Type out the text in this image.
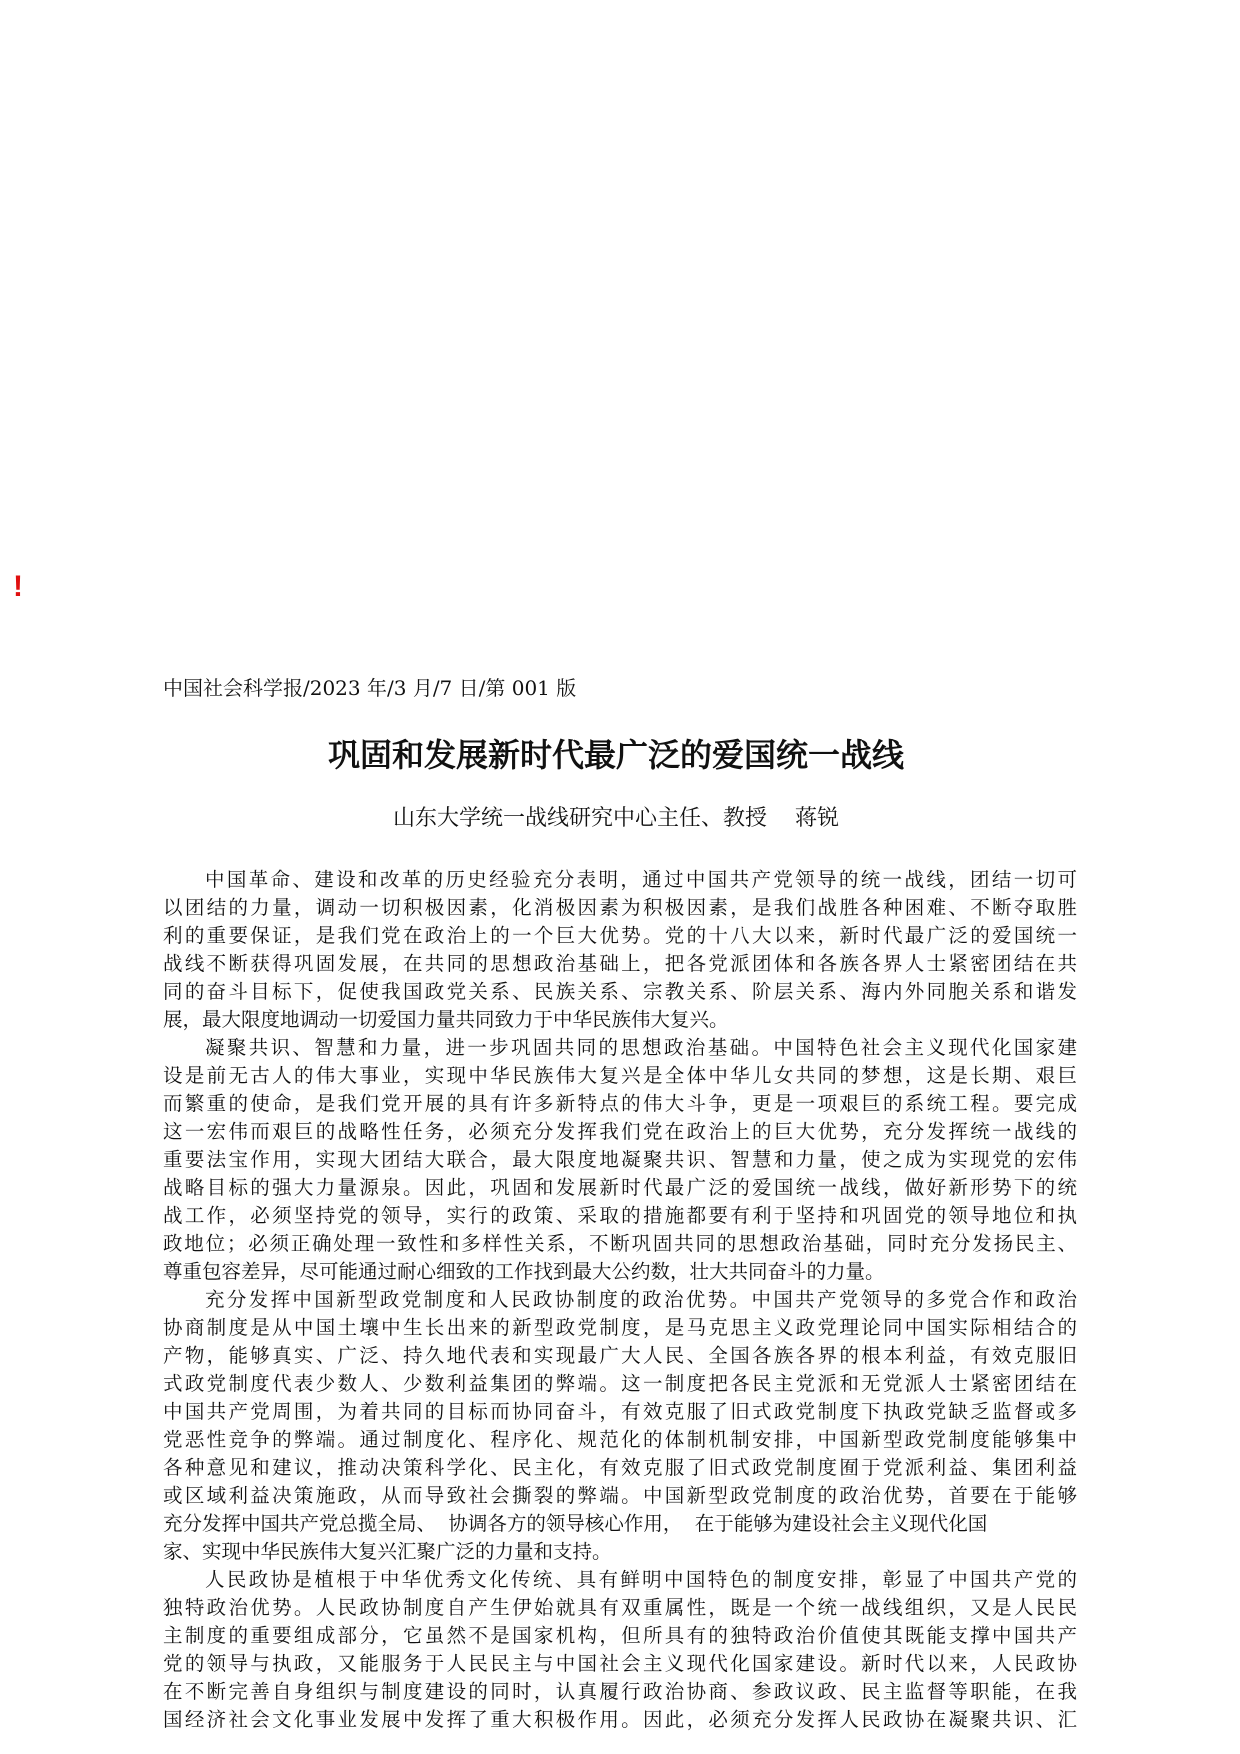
!
中国社会科学报/2023 年/3 月/7 日/第 001 版
巩固和发展新时代最广泛的爱国统一战线
山东大学统一战线研究中心主任、教授    蒋锐

中国革命、建设和改革的历史经验充分表明，通过中国共产党领导的统一战线，团结一切可
以团结的力量，调动一切积极因素，化消极因素为积极因素，是我们战胜各种困难、不断夺取胜
利的重要保证，是我们党在政治上的一个巨大优势。党的十八大以来，新时代最广泛的爱国统一
战线不断获得巩固发展，在共同的思想政治基础上，把各党派团体和各族各界人士紧密团结在共
同的奋斗目标下，促使我国政党关系、民族关系、宗教关系、阶层关系、海内外同胞关系和谐发
展，最大限度地调动一切爱国力量共同致力于中华民族伟大复兴。

凝聚共识、智慧和力量，进一步巩固共同的思想政治基础。中国特色社会主义现代化国家建
设是前无古人的伟大事业，实现中华民族伟大复兴是全体中华儿女共同的梦想，这是长期、艰巨
而繁重的使命，是我们党开展的具有许多新特点的伟大斗争，更是一项艰巨的系统工程。要完成
这一宏伟而艰巨的战略性任务，必须充分发挥我们党在政治上的巨大优势，充分发挥统一战线的
重要法宝作用，实现大团结大联合，最大限度地凝聚共识、智慧和力量，使之成为实现党的宏伟
战略目标的强大力量源泉。因此，巩固和发展新时代最广泛的爱国统一战线，做好新形势下的统
战工作，必须坚持党的领导，实行的政策、采取的措施都要有利于坚持和巩固党的领导地位和执
政地位；必须正确处理一致性和多样性关系，不断巩固共同的思想政治基础，同时充分发扬民主、
尊重包容差异，尽可能通过耐心细致的工作找到最大公约数，壮大共同奋斗的力量。

充分发挥中国新型政党制度和人民政协制度的政治优势。中国共产党领导的多党合作和政治
协商制度是从中国土壤中生长出来的新型政党制度，是马克思主义政党理论同中国实际相结合的
产物，能够真实、广泛、持久地代表和实现最广大人民、全国各族各界的根本利益，有效克服旧
式政党制度代表少数人、少数利益集团的弊端。这一制度把各民主党派和无党派人士紧密团结在
中国共产党周围，为着共同的目标而协同奋斗，有效克服了旧式政党制度下执政党缺乏监督或多
党恶性竞争的弊端。通过制度化、程序化、规范化的体制机制安排，中国新型政党制度能够集中
各种意见和建议，推动决策科学化、民主化，有效克服了旧式政党制度囿于党派利益、集团利益
或区域利益决策施政，从而导致社会撕裂的弊端。中国新型政党制度的政治优势，首要在于能够
充分发挥中国共产党总揽全局、  协调各方的领导核心作用，  在于能够为建设社会主义现代化国
家、实现中华民族伟大复兴汇聚广泛的力量和支持。

人民政协是植根于中华优秀文化传统、具有鲜明中国特色的制度安排，彰显了中国共产党的
独特政治优势。人民政协制度自产生伊始就具有双重属性，既是一个统一战线组织，又是人民民
主制度的重要组成部分，它虽然不是国家机构，但所具有的独特政治价值使其既能支撑中国共产
党的领导与执政，又能服务于人民民主与中国社会主义现代化国家建设。新时代以来，人民政协
在不断完善自身组织与制度建设的同时，认真履行政治协商、参政议政、民主监督等职能，在我
国经济社会文化事业发展中发挥了重大积极作用。因此，必须充分发挥人民政协在凝聚共识、汇
